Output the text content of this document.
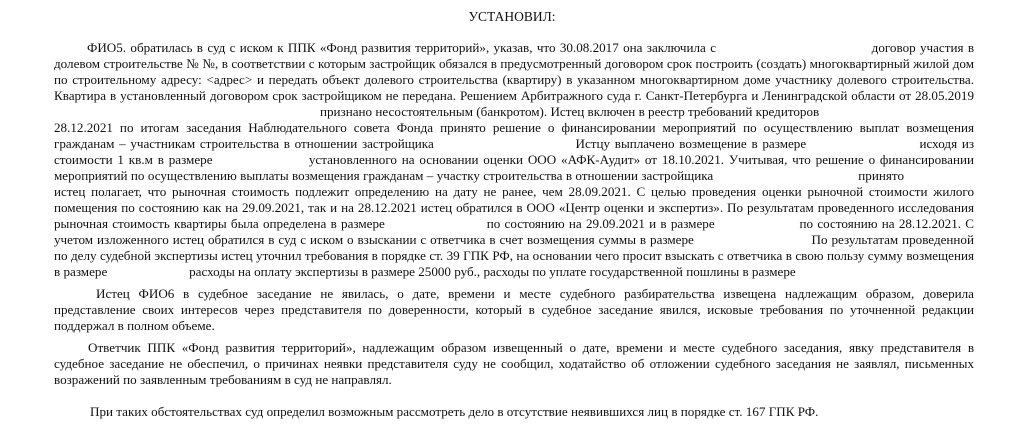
УСТАНОВИЛ:
ФИО5. обратилась в суд с иском к ППК «Фонд развития территорий», указав, что 30.08.2017 она заключила с                                    договор участия в
долевом строительстве № №, в соответствии с которым застройщик обязался в предусмотренный договором срок построить (создать) многоквартирный жилой дом
по строительному адресу: <адрес> и передать объект долевого строительства (квартиру) в указанном многоквартирном доме участнику долевого строительства.
Квартира в установленный договором срок застройщиком не передана. Решением Арбитражного суда г. Санкт-Петербурга и Ленинградской области от 28.05.2019
признано несостоятельным (банкротом). Истец включен в реестр требований кредиторов
28.12.2021 по итогам заседания Наблюдательного совета Фонда принято решение о финансировании мероприятий по осуществлению выплат возмещения
гражданам – участникам строительства в отношении застройщика                              Истцу выплачено возмещение в размере                        исходя из
стоимости 1 кв.м в размере                    установленного на основании оценки ООО «АФК-Аудит» от 18.10.2021. Учитывая, что решение о финансировании
мероприятий по осуществлению выплаты возмещения гражданам – участку строительства в отношении застройщика                                           принято
истец полагает, что рыночная стоимость подлежит определению на дату не ранее, чем 28.09.2021. С целью проведения оценки рыночной стоимости жилого
помещения по состоянию как на 29.09.2021, так и на 28.12.2021 истец обратился в ООО «Центр оценки и экспертиз». По результатам проведенного исследования
рыночная стоимость квартиры была определена в размере                        по состоянию на 29.09.2021 и в размере                    по состоянию на 28.12.2021. С
учетом изложенного истец обратился в суд с иском о взыскании с ответчика в счет возмещения суммы в размере                              По результатам проведенной
по делу судебной экспертизы истец уточнил требования в порядке ст. 39 ГПК РФ, на основании чего просит взыскать с ответчика в свою пользу сумму возмещения
в размере                         расходы на оплату экспертизы в размере 25000 руб., расходы по уплате государственной пошлины в размере
Истец ФИО6 в судебное заседание не явилась, о дате, времени и месте судебного разбирательства извещена надлежащим образом, доверила
представление своих интересов через представителя по доверенности, который в судебное заседание явился, исковые требования по уточненной редакции
поддержал в полном объеме.
Ответчик ППК «Фонд развития территорий», надлежащим образом извещенный о дате, времени и месте судебного заседания, явку представителя в
судебное заседание не обеспечил, о причинах неявки представителя суду не сообщил, ходатайство об отложении судебного заседания не заявлял, письменных
возражений по заявленным требованиям в суд не направлял.
При таких обстоятельствах суд определил возможным рассмотреть дело в отсутствие неявившихся лиц в порядке ст. 167 ГПК РФ.
